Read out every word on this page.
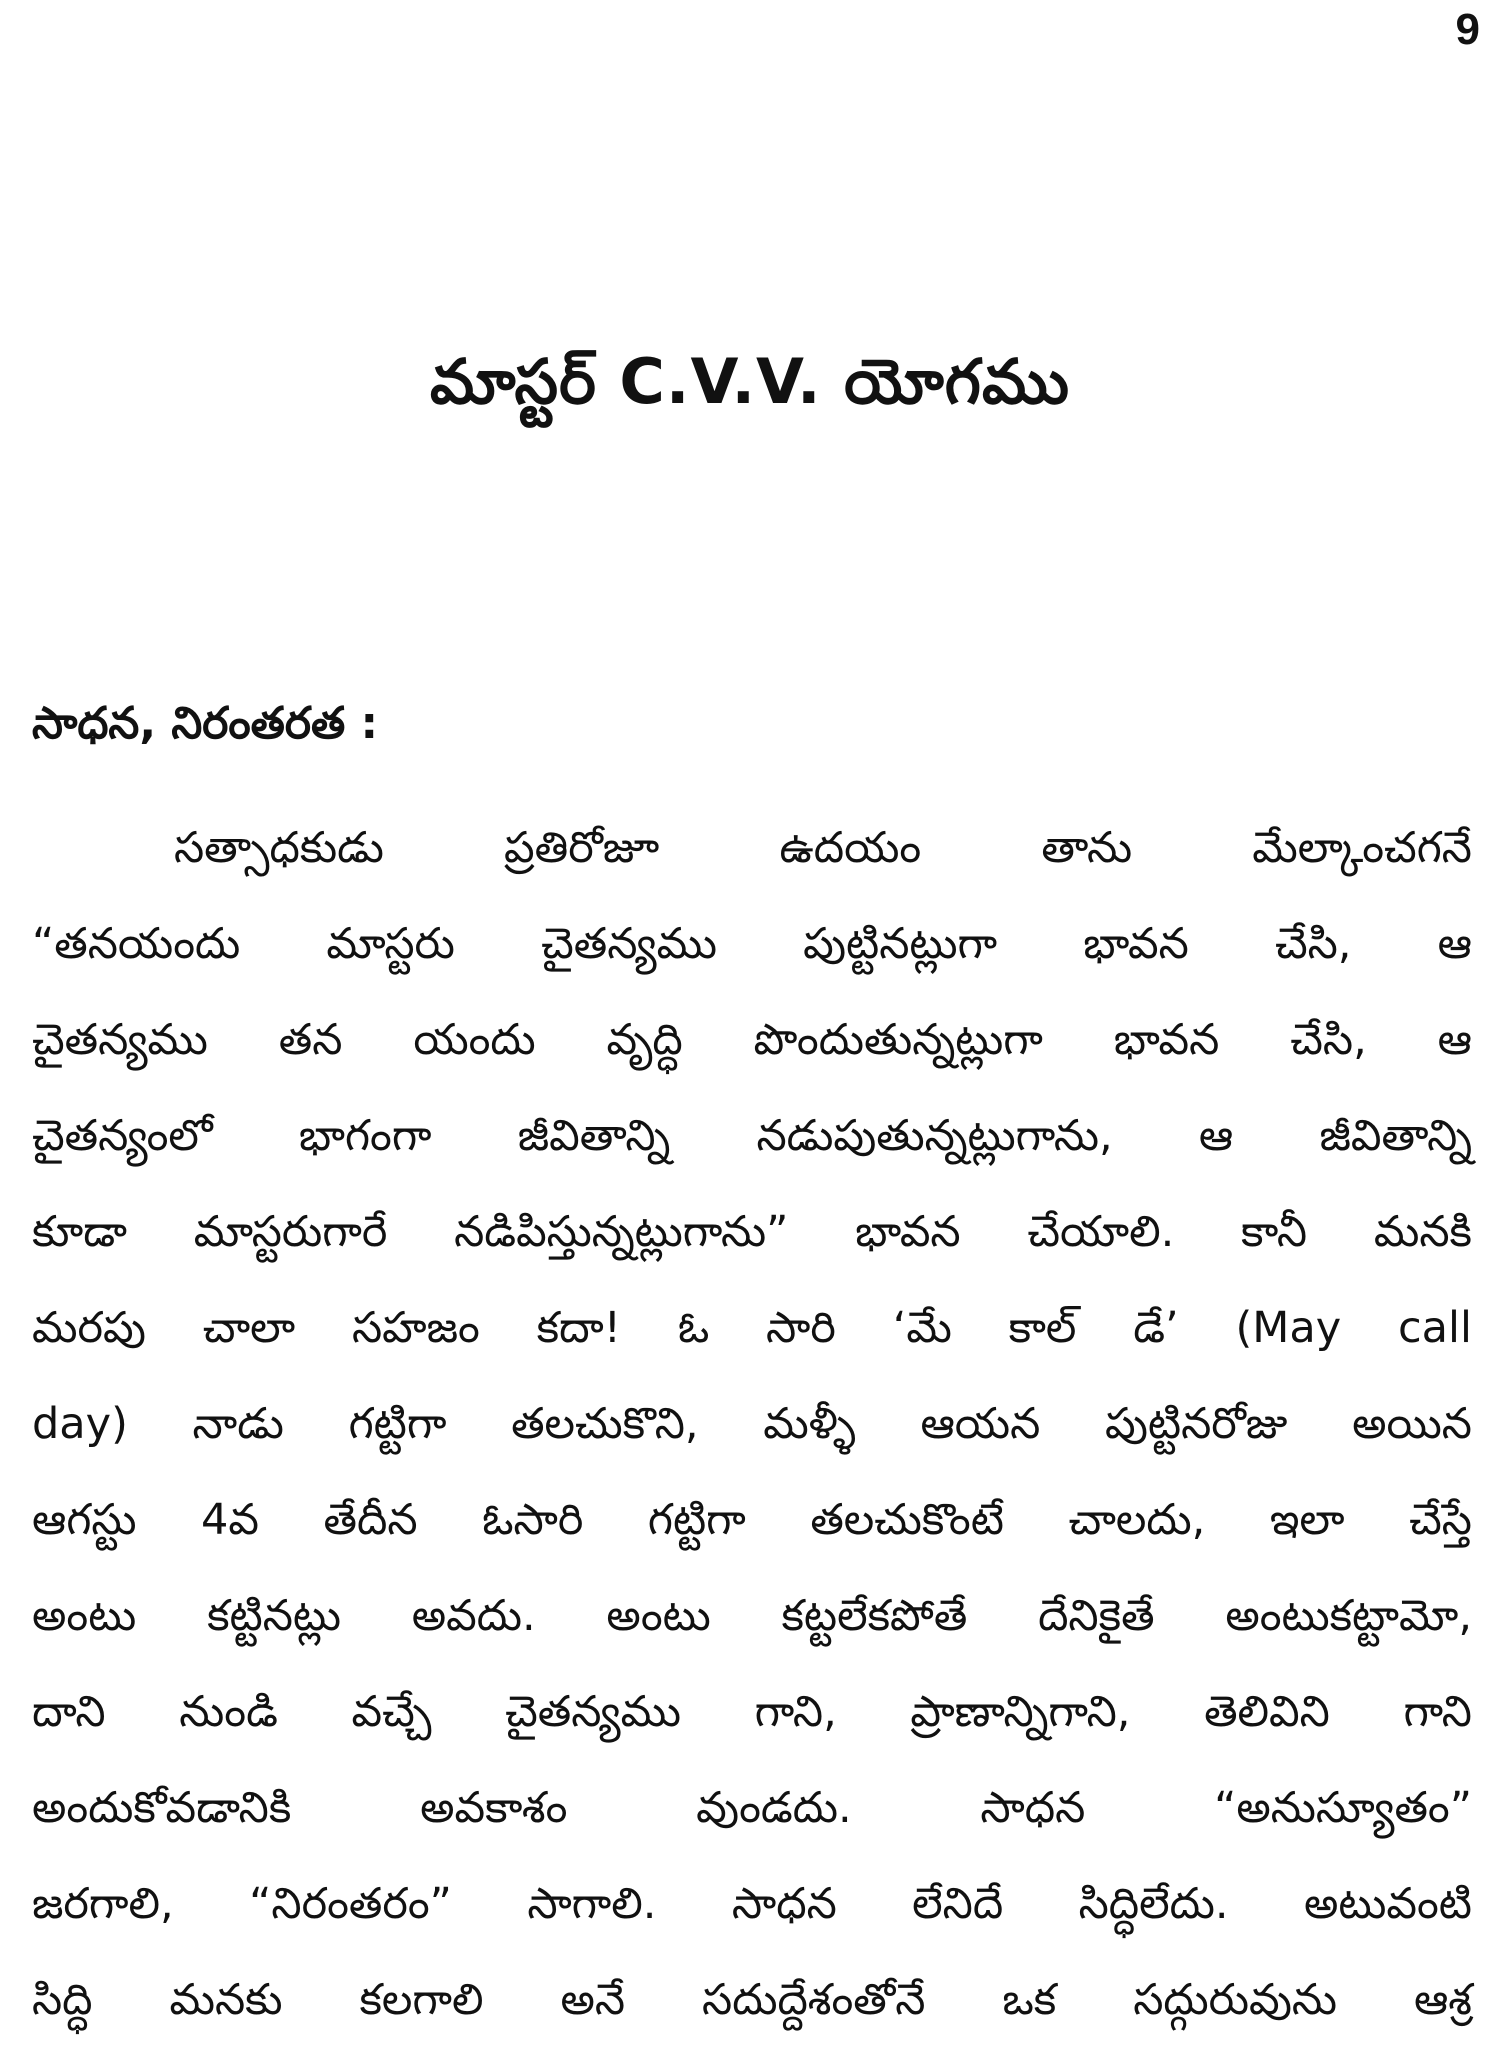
9
మాస్టర్ C.V.V. యోగము
సాధన, నిరంతరత :
సత్సాధకుడు	ప్రతిరోజూ	ఉదయం	తాను	మేల్కాంచగనే
“తనయందు మాస్టరు చైతన్యము పుట్టినట్లుగా భావన చేసి, ఆ
చైతన్యము తన యందు వృద్ధి పొందుతున్నట్లుగా భావన చేసి, ఆ
చైతన్యంలో భాగంగా జీవితాన్ని నడుపుతున్నట్లుగాను, ఆ జీవితాన్ని
కూడా మాస్టరుగారే నడిపిస్తున్నట్లుగాను” భావన చేయాలి. కానీ మనకి
మరపు చాలా సహజం కదా! ఓ సారి ‘మే కాల్ డే’ (May call
day) నాడు గట్టిగా తలచుకొని, మళ్ళీ ఆయన పుట్టినరోజు అయిన
ఆగస్టు 4వ తేదీన ఓసారి గట్టిగా తలచుకొంటే చాలదు, ఇలా చేస్తే
అంటు కట్టినట్లు అవదు. అంటు కట్టలేకపోతే దేనికైతే అంటుకట్టామో,
దాని నుండి వచ్చే చైతన్యము గాని, ప్రాణాన్నిగాని, తెలివిని గాని
అందుకోవడానికి	అవకాశం	వుండదు.	సాధన	“అనుస్యూతం”
జరగాలి, “నిరంతరం” సాగాలి. సాధన లేనిదే సిద్ధిలేదు. అటువంటి
సిద్ధి మనకు కలగాలి అనే సదుద్దేశంతోనే ఒక సద్గురువును ఆశ్ర
